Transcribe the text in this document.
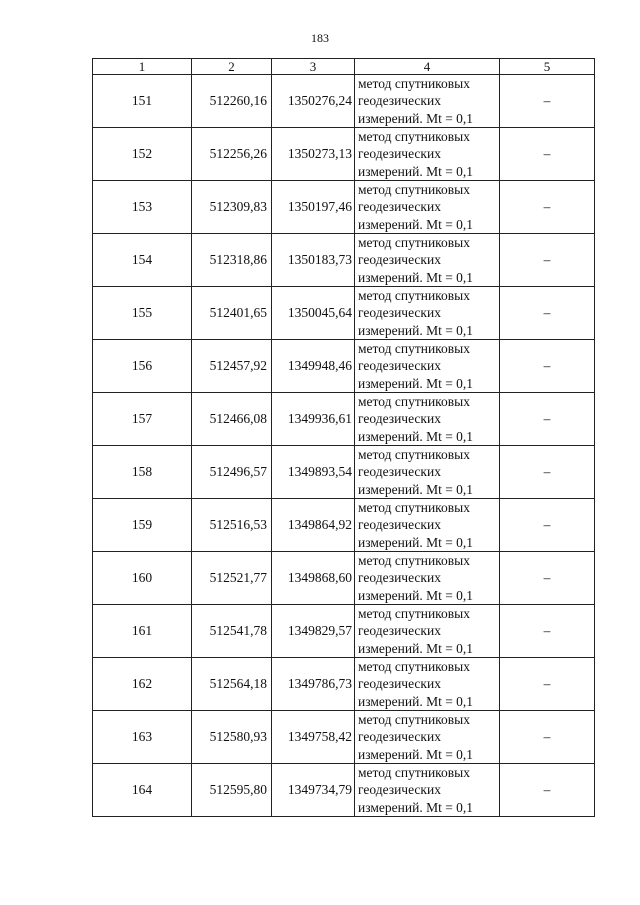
183
1	2	3	4	5
151	512260,16	1350276,24	метод спутниковых
геодезических
измерений. Mt = 0,1	–
152	512256,26	1350273,13	метод спутниковых
геодезических
измерений. Mt = 0,1	–
153	512309,83	1350197,46	метод спутниковых
геодезических
измерений. Mt = 0,1	–
154	512318,86	1350183,73	метод спутниковых
геодезических
измерений. Mt = 0,1	–
155	512401,65	1350045,64	метод спутниковых
геодезических
измерений. Mt = 0,1	–
156	512457,92	1349948,46	метод спутниковых
геодезических
измерений. Mt = 0,1	–
157	512466,08	1349936,61	метод спутниковых
геодезических
измерений. Mt = 0,1	–
158	512496,57	1349893,54	метод спутниковых
геодезических
измерений. Mt = 0,1	–
159	512516,53	1349864,92	метод спутниковых
геодезических
измерений. Mt = 0,1	–
160	512521,77	1349868,60	метод спутниковых
геодезических
измерений. Mt = 0,1	–
161	512541,78	1349829,57	метод спутниковых
геодезических
измерений. Mt = 0,1	–
162	512564,18	1349786,73	метод спутниковых
геодезических
измерений. Mt = 0,1	–
163	512580,93	1349758,42	метод спутниковых
геодезических
измерений. Mt = 0,1	–
164	512595,80	1349734,79	метод спутниковых
геодезических
измерений. Mt = 0,1	–
